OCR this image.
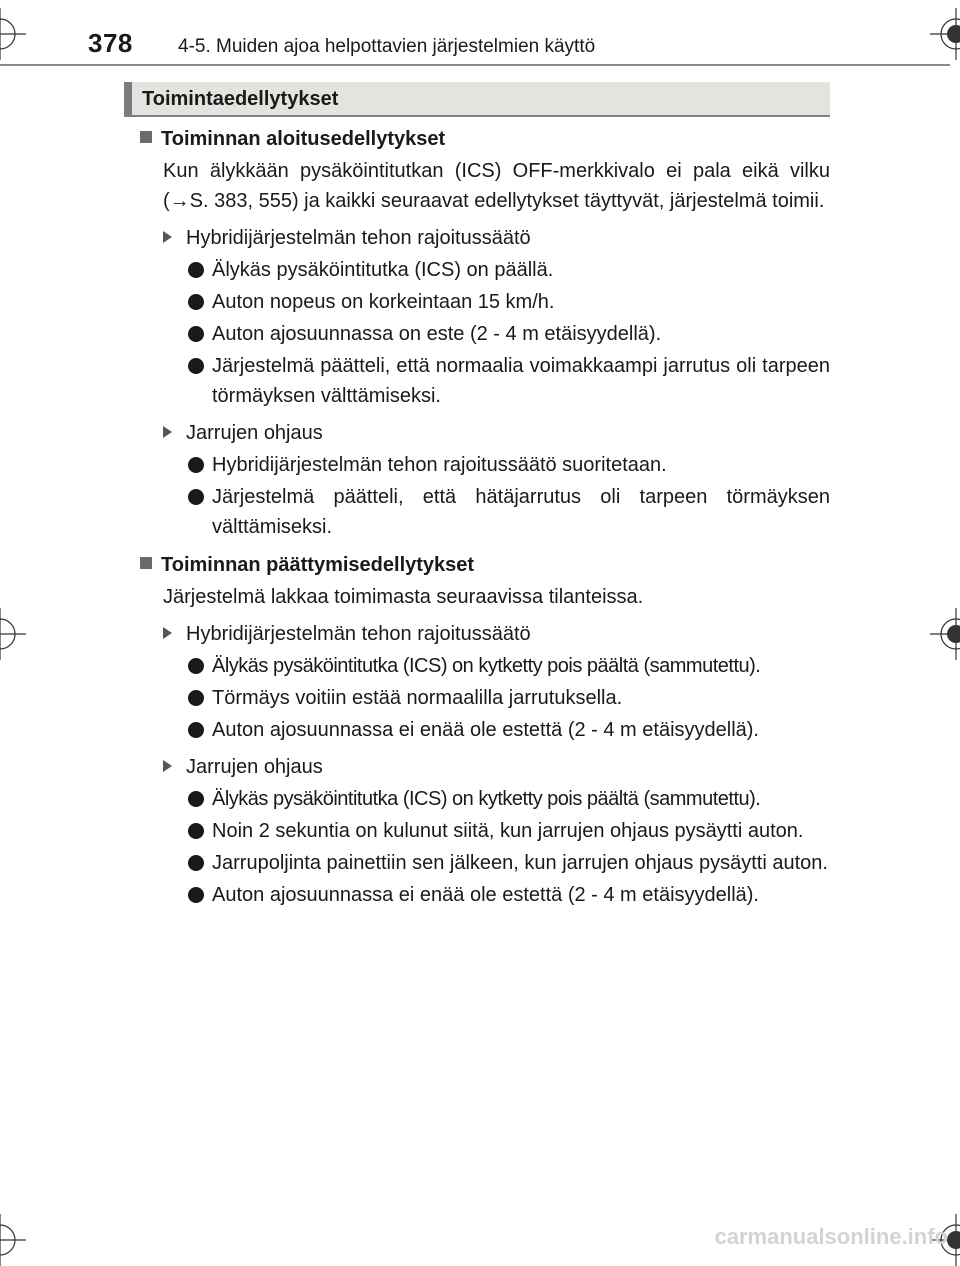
378 4-5. Muiden ajoa helpottavien järjestelmien käyttö
Toimintaedellytykset
Toiminnan aloitusedellytykset
Kun älykkään pysäköintitutkan (ICS) OFF-merkkivalo ei pala eikä vilku (→S. 383, 555) ja kaikki seuraavat edellytykset täyttyvät, järjestelmä toimii.
Hybridijärjestelmän tehon rajoitussäätö
Älykäs pysäköintitutka (ICS) on päällä.
Auton nopeus on korkeintaan 15 km/h.
Auton ajosuunnassa on este (2 - 4 m etäisyydellä).
Järjestelmä päätteli, että normaalia voimakkaampi jarrutus oli tarpeen törmäyksen välttämiseksi.
Jarrujen ohjaus
Hybridijärjestelmän tehon rajoitussäätö suoritetaan.
Järjestelmä päätteli, että hätäjarrutus oli tarpeen törmäyksen välttämiseksi.
Toiminnan päättymisedellytykset
Järjestelmä lakkaa toimimasta seuraavissa tilanteissa.
Hybridijärjestelmän tehon rajoitussäätö
Älykäs pysäköintitutka (ICS) on kytketty pois päältä (sammutettu).
Törmäys voitiin estää normaalilla jarrutuksella.
Auton ajosuunnassa ei enää ole estettä (2 - 4 m etäisyydellä).
Jarrujen ohjaus
Älykäs pysäköintitutka (ICS) on kytketty pois päältä (sammutettu).
Noin 2 sekuntia on kulunut siitä, kun jarrujen ohjaus pysäytti auton.
Jarrupoljinta painettiin sen jälkeen, kun jarrujen ohjaus pysäytti auton.
Auton ajosuunnassa ei enää ole estettä (2 - 4 m etäisyydellä).
carmanualsonline.info
